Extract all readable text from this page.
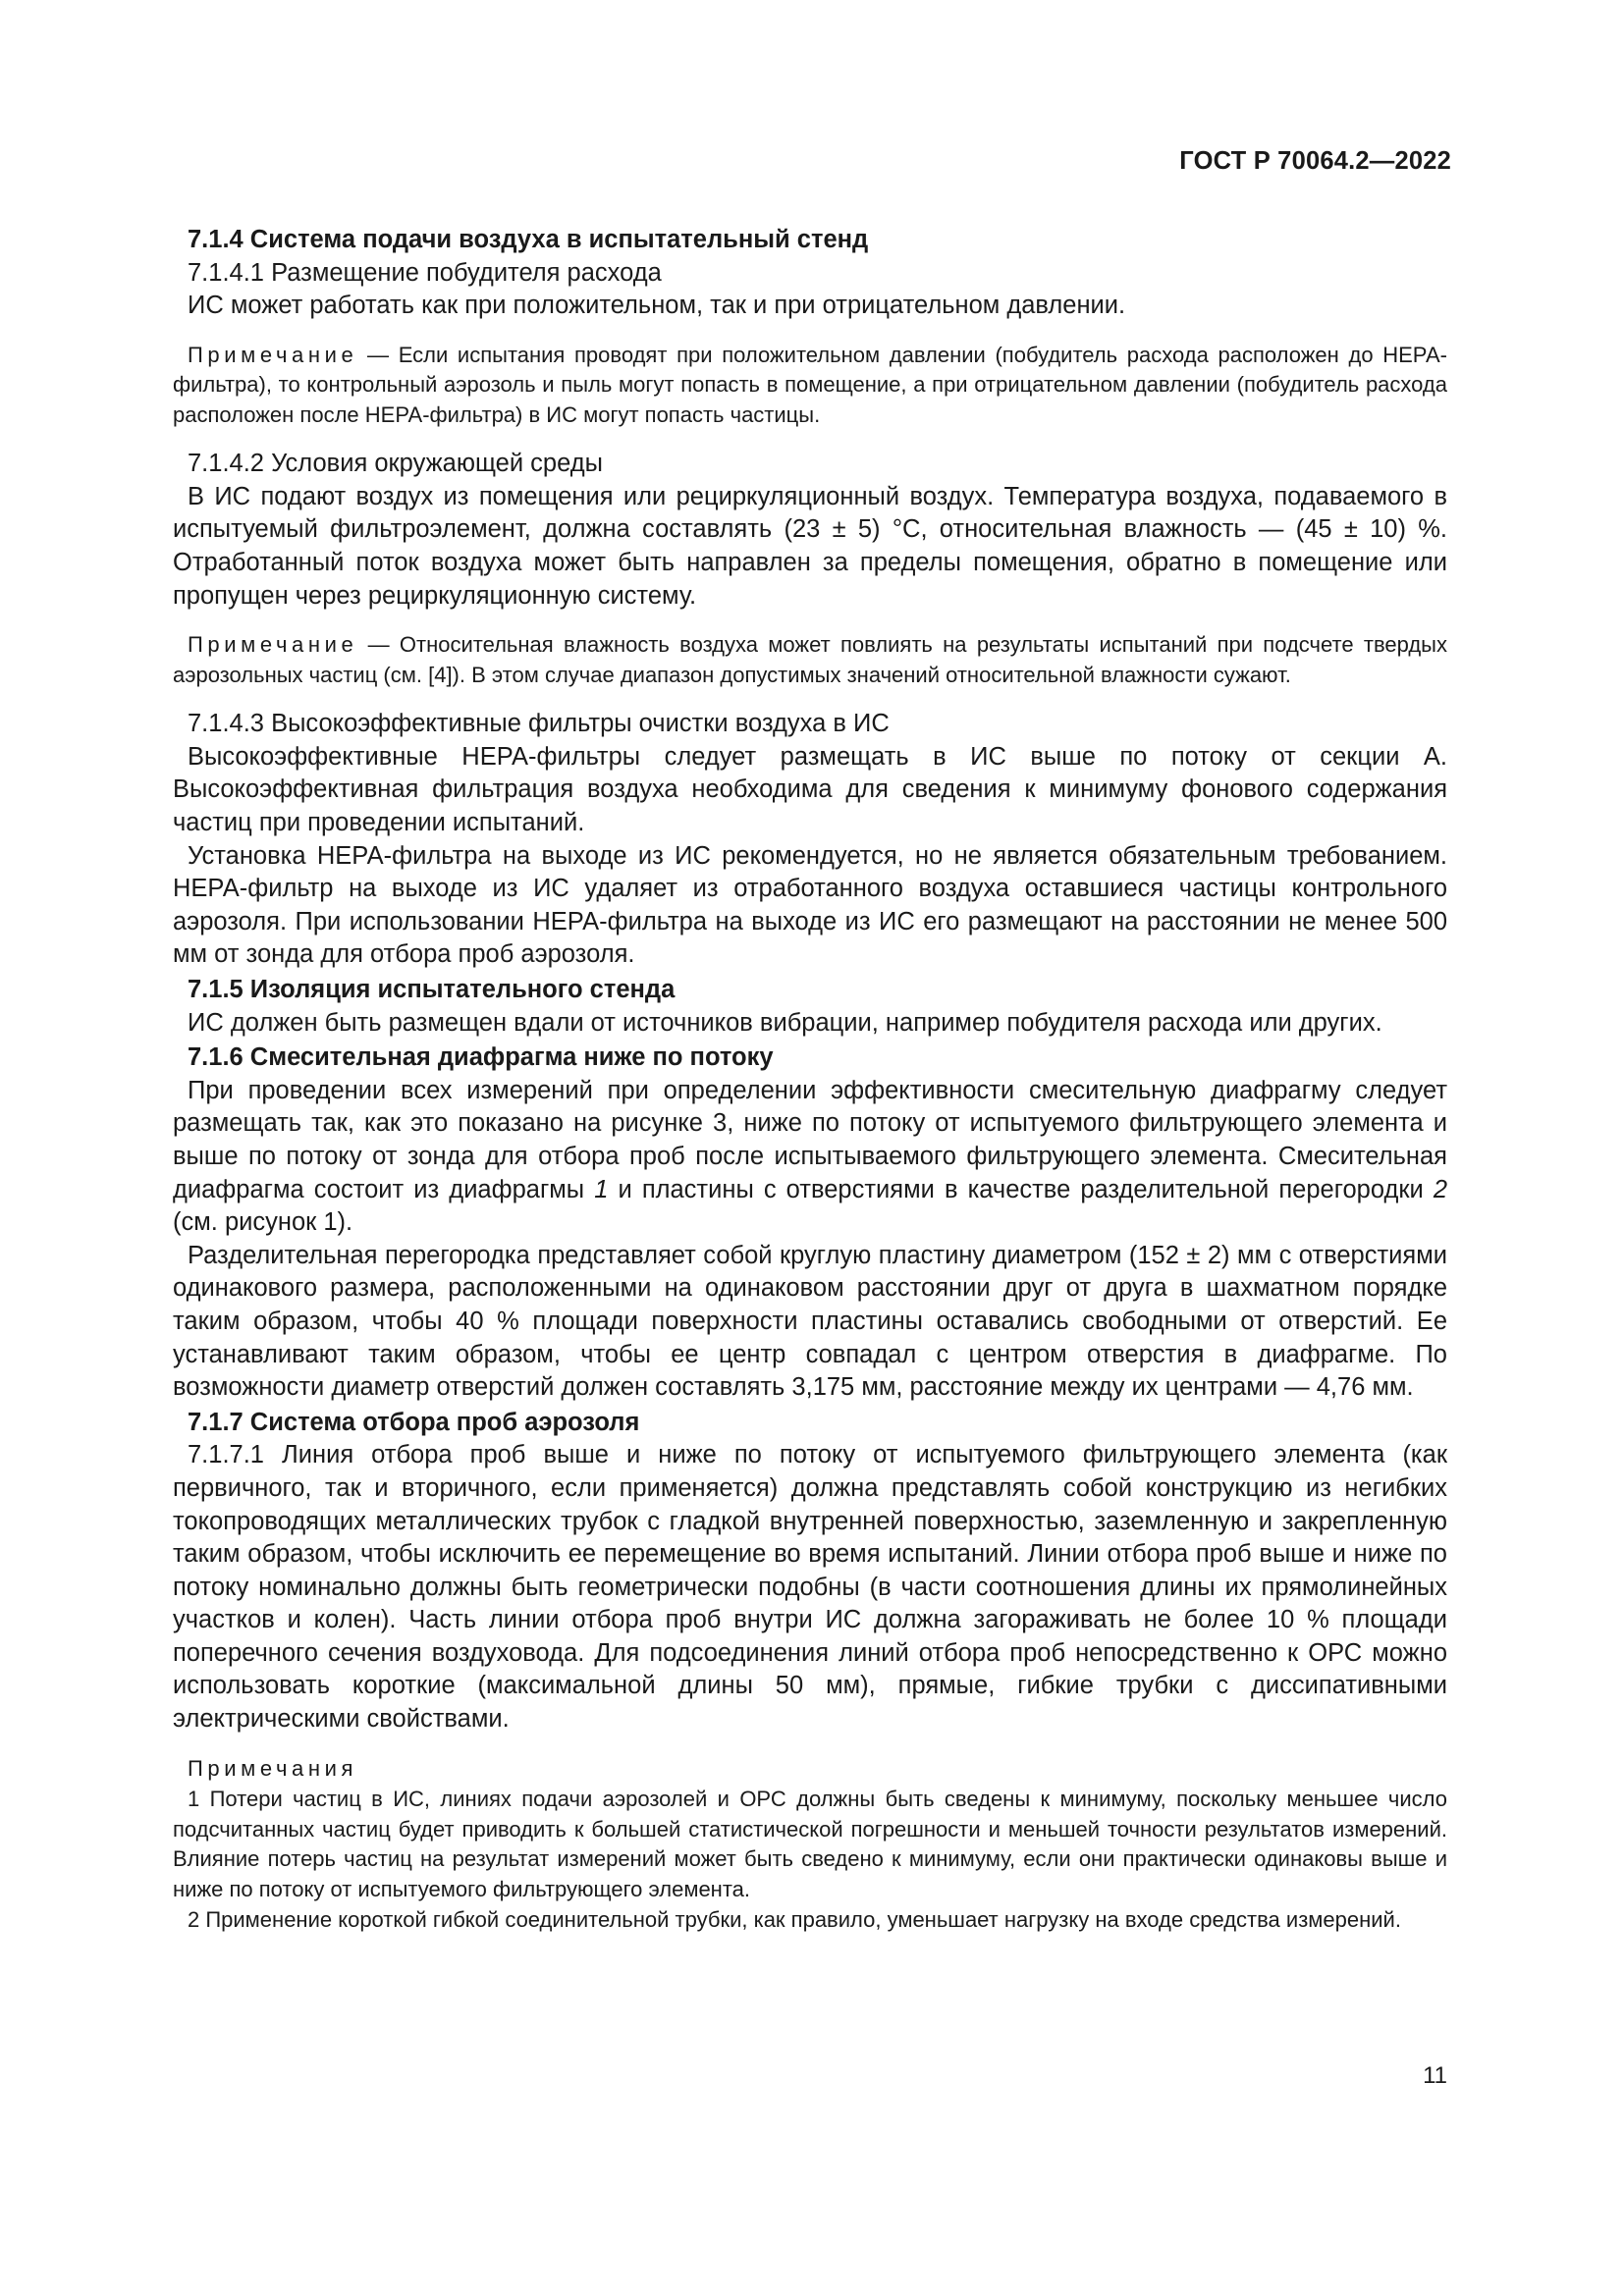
ГОСТ Р 70064.2—2022

7.1.4 Система подачи воздуха в испытательный стенд

7.1.4.1 Размещение побудителя расхода

ИС может работать как при положительном, так и при отрицательном давлении.

Примечание — Если испытания проводят при положительном давлении (побудитель расхода расположен до НЕРА-фильтра), то контрольный аэрозоль и пыль могут попасть в помещение, а при отрицательном давлении (побудитель расхода расположен после НЕРА-фильтра) в ИС могут попасть частицы.

7.1.4.2 Условия окружающей среды

В ИС подают воздух из помещения или рециркуляционный воздух. Температура воздуха, подаваемого в испытуемый фильтроэлемент, должна составлять (23 ± 5) °С, относительная влажность — (45 ± 10) %. Отработанный поток воздуха может быть направлен за пределы помещения, обратно в помещение или пропущен через рециркуляционную систему.

Примечание — Относительная влажность воздуха может повлиять на результаты испытаний при подсчете твердых аэрозольных частиц (см. [4]). В этом случае диапазон допустимых значений относительной влажности сужают.

7.1.4.3 Высокоэффективные фильтры очистки воздуха в ИС

Высокоэффективные НЕРА-фильтры следует размещать в ИС выше по потоку от секции А. Высокоэффективная фильтрация воздуха необходима для сведения к минимуму фонового содержания частиц при проведении испытаний.

Установка НЕРА-фильтра на выходе из ИС рекомендуется, но не является обязательным требованием. НЕРА-фильтр на выходе из ИС удаляет из отработанного воздуха оставшиеся частицы контрольного аэрозоля. При использовании НЕРА-фильтра на выходе из ИС его размещают на расстоянии не менее 500 мм от зонда для отбора проб аэрозоля.

7.1.5 Изоляция испытательного стенда

ИС должен быть размещен вдали от источников вибрации, например побудителя расхода или других.

7.1.6 Смесительная диафрагма ниже по потоку

При проведении всех измерений при определении эффективности смесительную диафрагму следует размещать так, как это показано на рисунке 3, ниже по потоку от испытуемого фильтрующего элемента и выше по потоку от зонда для отбора проб после испытываемого фильтрующего элемента. Смесительная диафрагма состоит из диафрагмы 1 и пластины с отверстиями в качестве разделительной перегородки 2 (см. рисунок 1).

Разделительная перегородка представляет собой круглую пластину диаметром (152 ± 2) мм с отверстиями одинакового размера, расположенными на одинаковом расстоянии друг от друга в шахматном порядке таким образом, чтобы 40 % площади поверхности пластины оставались свободными от отверстий. Ее устанавливают таким образом, чтобы ее центр совпадал с центром отверстия в диафрагме. По возможности диаметр отверстий должен составлять 3,175 мм, расстояние между их центрами — 4,76 мм.

7.1.7 Система отбора проб аэрозоля

7.1.7.1 Линия отбора проб выше и ниже по потоку от испытуемого фильтрующего элемента (как первичного, так и вторичного, если применяется) должна представлять собой конструкцию из негибких токопроводящих металлических трубок с гладкой внутренней поверхностью, заземленную и закрепленную таким образом, чтобы исключить ее перемещение во время испытаний. Линии отбора проб выше и ниже по потоку номинально должны быть геометрически подобны (в части соотношения длины их прямолинейных участков и колен). Часть линии отбора проб внутри ИС должна загораживать не более 10 % площади поперечного сечения воздуховода. Для подсоединения линий отбора проб непосредственно к ОРС можно использовать короткие (максимальной длины 50 мм), прямые, гибкие трубки с диссипативными электрическими свойствами.

Примечания

1 Потери частиц в ИС, линиях подачи аэрозолей и ОРС должны быть сведены к минимуму, поскольку меньшее число подсчитанных частиц будет приводить к большей статистической погрешности и меньшей точности результатов измерений. Влияние потерь частиц на результат измерений может быть сведено к минимуму, если они практически одинаковы выше и ниже по потоку от испытуемого фильтрующего элемента.

2 Применение короткой гибкой соединительной трубки, как правило, уменьшает нагрузку на входе средства измерений.

11
